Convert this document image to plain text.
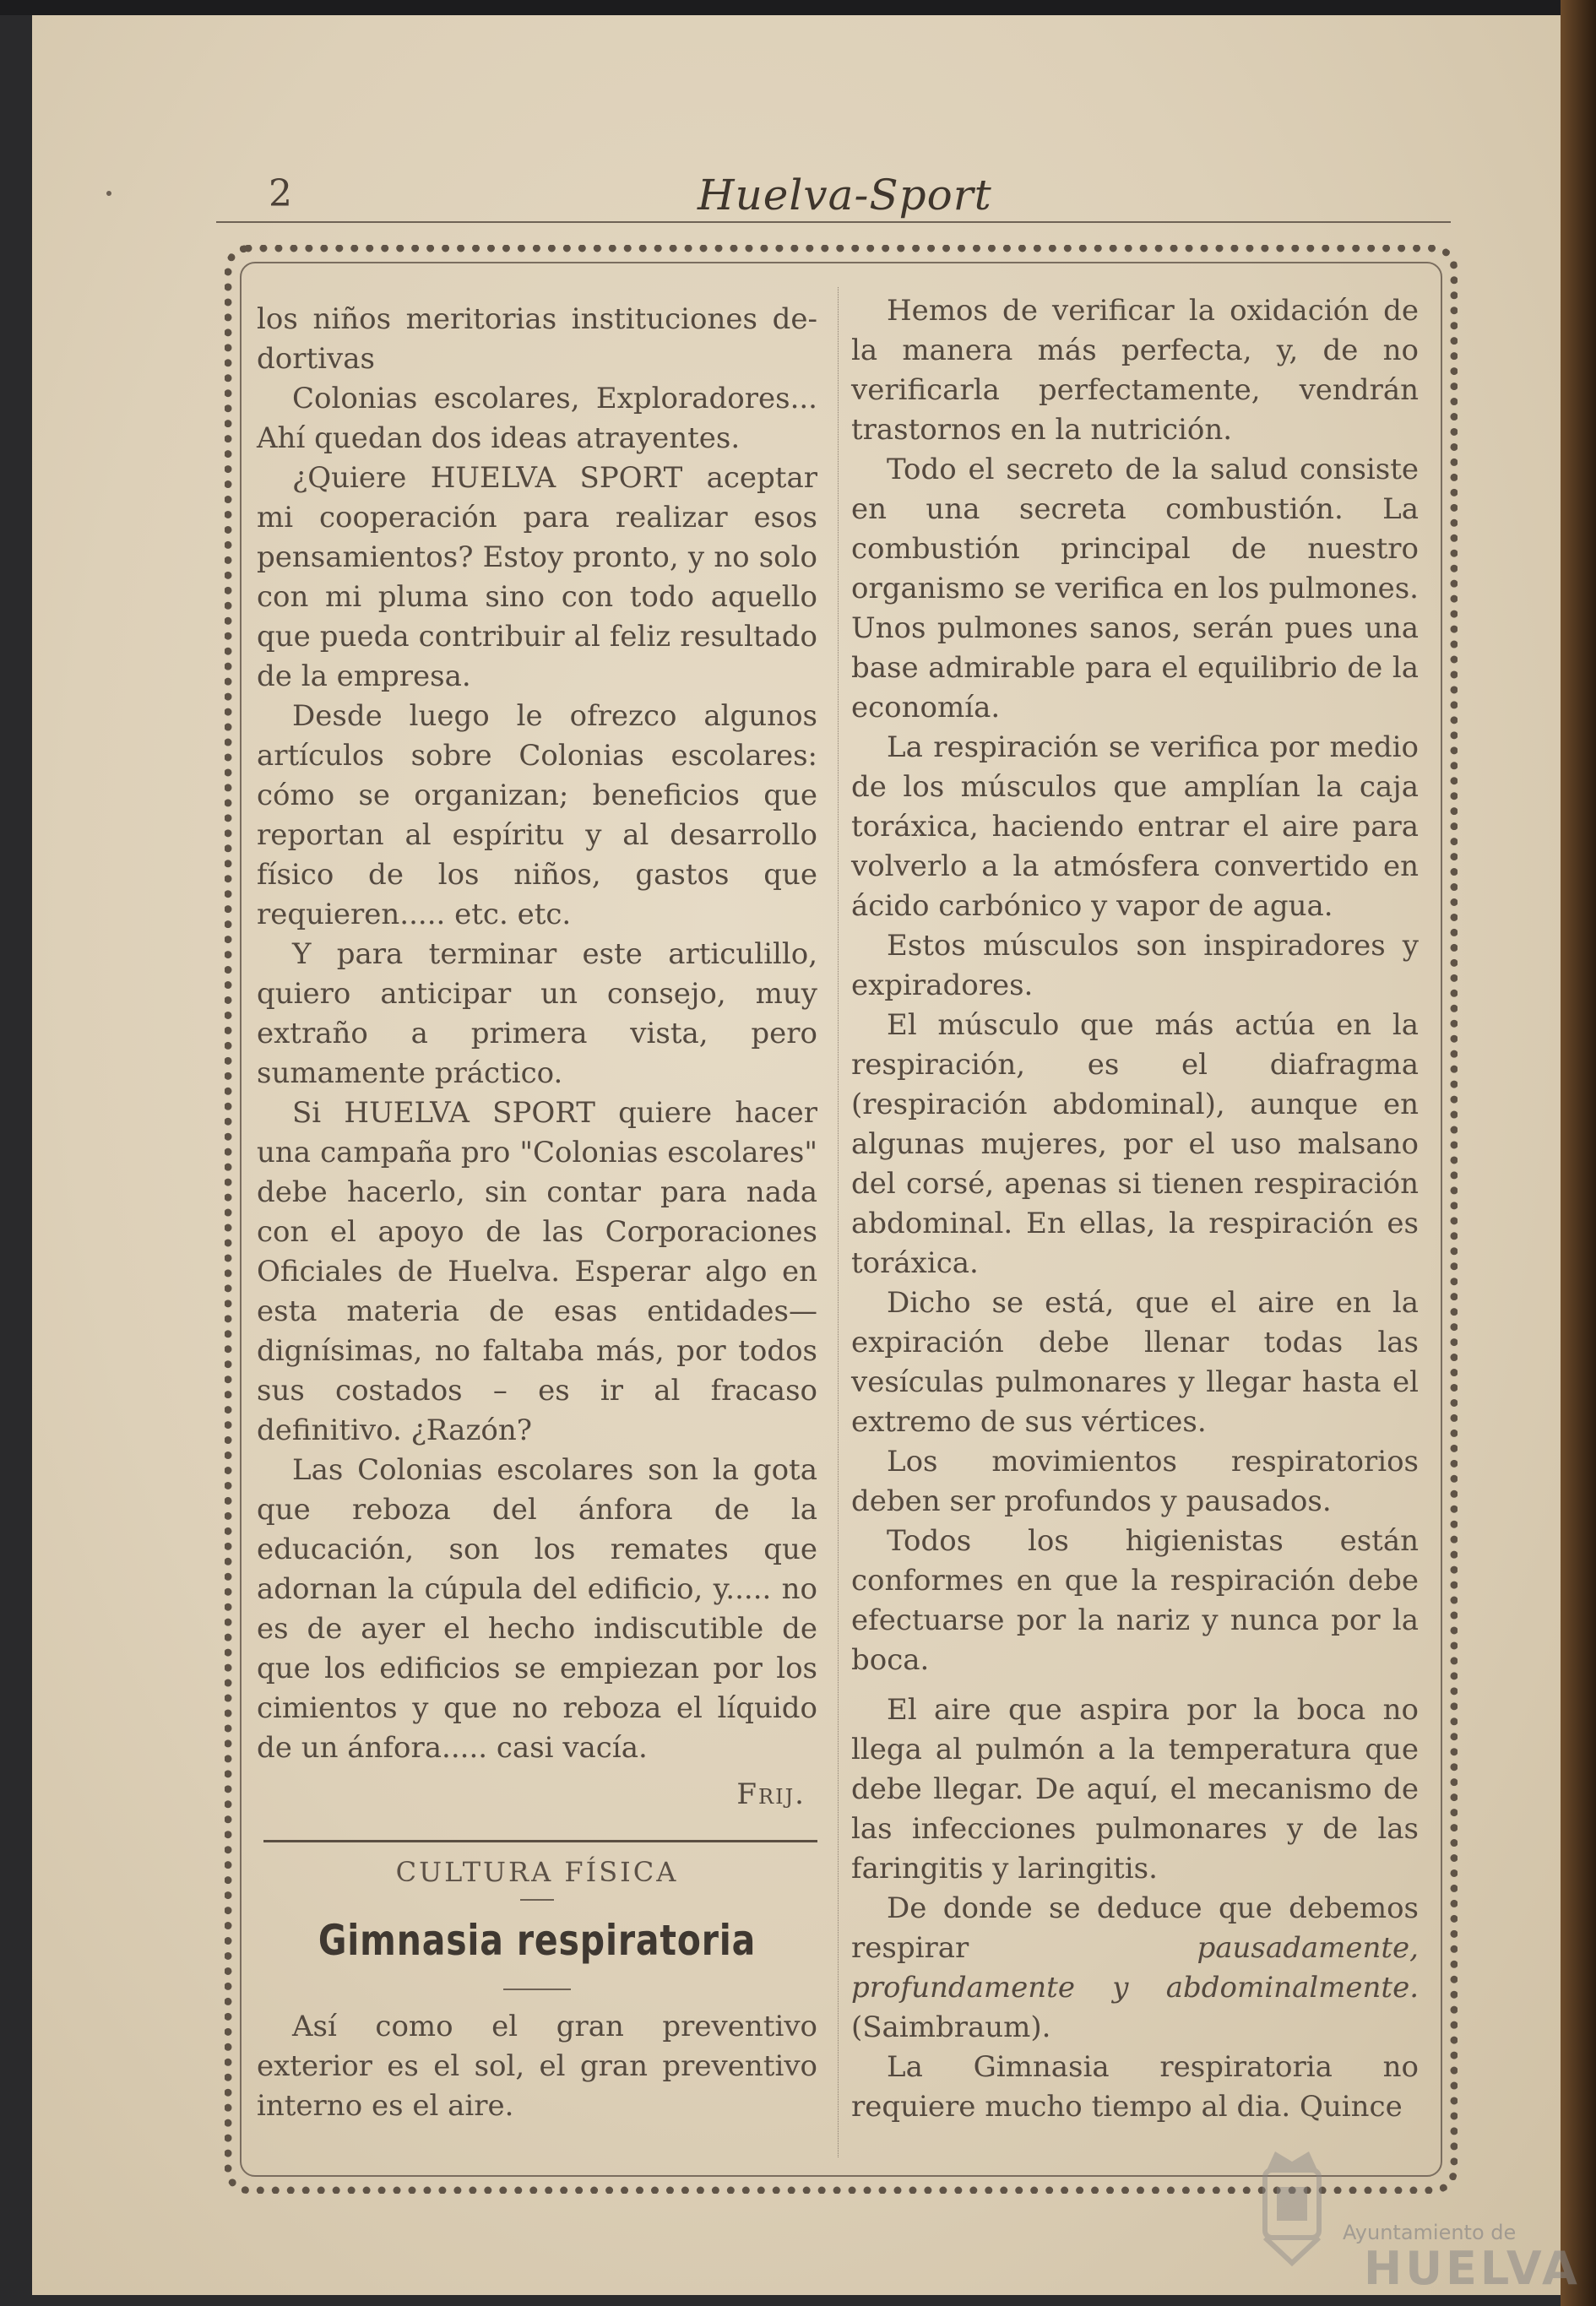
2	Huelva-Sport

los niños meritorias instituciones de-dortivas

Colonias escolares, Exploradores... Ahí quedan dos ideas atrayentes.

¿Quiere HUELVA SPORT aceptar mi cooperación para realizar esos pensamientos? Estoy pronto, y no solo con mi pluma sino con todo aquello que pueda contribuir al feliz resultado de la empresa.

Desde luego le ofrezco algunos artículos sobre Colonias escolares: cómo se organizan; beneficios que reportan al espíritu y al desarrollo físico de los niños, gastos que requieren..... etc. etc.

Y para terminar este articulillo, quiero anticipar un consejo, muy extraño a primera vista, pero sumamente práctico.

Si HUELVA SPORT quiere hacer una campaña pro "Colonias escolares" debe hacerlo, sin contar para nada con el apoyo de las Corporaciones Oficiales de Huelva. Esperar algo en esta materia de esas entidades—dignísimas, no faltaba más, por todos sus costados – es ir al fracaso definitivo. ¿Razón?

Las Colonias escolares son la gota que reboza del ánfora de la educación, son los remates que adornan la cúpula del edificio, y..... no es de ayer el hecho indiscutible de que los edificios se empiezan por los cimientos y que no reboza el líquido de un ánfora..... casi vacía.

Frij.

CULTURA FÍSICA

Gimnasia respiratoria

Así como el gran preventivo exterior es el sol, el gran preventivo interno es el aire.

Hemos de verificar la oxidación de la manera más perfecta, y, de no verificarla perfectamente, vendrán trastornos en la nutrición.

Todo el secreto de la salud consiste en una secreta combustión. La combustión principal de nuestro organismo se verifica en los pulmones. Unos pulmones sanos, serán pues una base admirable para el equilibrio de la economía.

La respiración se verifica por medio de los músculos que amplían la caja toráxica, haciendo entrar el aire para volverlo a la atmósfera convertido en ácido carbónico y vapor de agua.

Estos músculos son inspiradores y expiradores.

El músculo que más actúa en la respiración, es el diafragma (respiración abdominal), aunque en algunas mujeres, por el uso malsano del corsé, apenas si tienen respiración abdominal. En ellas, la respiración es toráxica.

Dicho se está, que el aire en la expiración debe llenar todas las vesículas pulmonares y llegar hasta el extremo de sus vértices.

Los movimientos respiratorios deben ser profundos y pausados.

Todos los higienistas están conformes en que la respiración debe efectuarse por la nariz y nunca por la boca.

El aire que aspira por la boca no llega al pulmón a la temperatura que debe llegar. De aquí, el mecanismo de las infecciones pulmonares y de las faringitis y laringitis.

De donde se deduce que debemos respirar	pausadamente, profundamente y abdominalmente. (Saimbraum).

La Gimnasia respiratoria no requiere mucho tiempo al dia. Quince

Ayuntamiento de
HUELVA
